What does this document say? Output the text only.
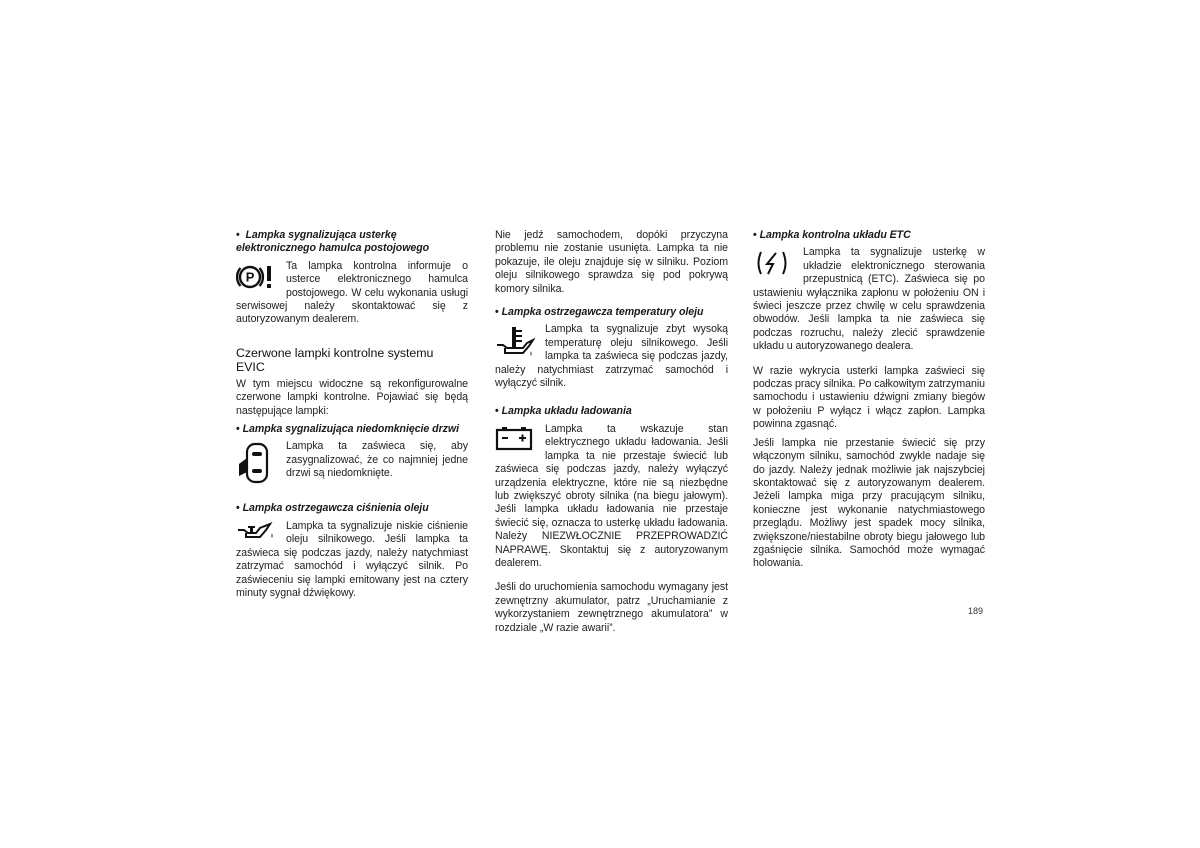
• Lampka sygnalizująca usterkę
elektronicznego hamulca postojowego
P
Ta lampka kontrolna informuje o usterce elektronicznego hamulca postojowego. W celu wykonania usługi serwisowej należy skontaktować się z autoryzowanym dealerem.
Czerwone lampki kontrolne systemu
EVIC
W tym miejscu widoczne są rekonfigurowalne czerwone lampki kontrolne. Pojawiać się będą następujące lampki:
• Lampka sygnalizująca niedomknięcie drzwi
Lampka ta zaświeca się, aby zasygnalizować, że co najmniej jedne drzwi są niedomknięte.
• Lampka ostrzegawcza ciśnienia oleju
Lampka ta sygnalizuje niskie ciśnienie oleju silnikowego. Jeśli lampka ta zaświeca się podczas jazdy, należy natychmiast zatrzymać samochód i wyłączyć silnik. Po zaświeceniu się lampki emitowany jest na cztery minuty sygnał dźwiękowy.
Nie jedź samochodem, dopóki przyczyna problemu nie zostanie usunięta. Lampka ta nie pokazuje, ile oleju znajduje się w silniku. Poziom oleju silnikowego sprawdza się pod pokrywą komory silnika.
• Lampka ostrzegawcza temperatury oleju
Lampka ta sygnalizuje zbyt wysoką temperaturę oleju silnikowego. Jeśli lampka ta zaświeca się podczas jazdy, należy natychmiast zatrzymać samochód i wyłączyć silnik.
• Lampka układu ładowania
Lampka ta wskazuje stan elektrycznego układu ładowania. Jeśli lampka ta nie przestaje świecić lub zaświeca się podczas jazdy, należy wyłączyć urządzenia elektryczne, które nie są niezbędne lub zwiększyć obroty silnika (na biegu jałowym). Jeśli lampka układu ładowania nie przestaje świecić się, oznacza to usterkę układu ładowania. Należy NIEZWŁOCZNIE PRZEPROWADZIĆ NAPRAWĘ. Skontaktuj się z autoryzowanym dealerem.
Jeśli do uruchomienia samochodu wymagany jest zewnętrzny akumulator, patrz „Uruchamianie z wykorzystaniem zewnętrznego akumulatora” w rozdziale „W razie awarii”.
• Lampka kontrolna układu ETC
Lampka ta sygnalizuje usterkę w układzie elektronicznego sterowania przepustnicą (ETC). Zaświeca się po ustawieniu wyłącznika zapłonu w położeniu ON i świeci jeszcze przez chwilę w celu sprawdzenia obwodów. Jeśli lampka ta nie zaświeca się podczas rozruchu, należy zlecić sprawdzenie układu u autoryzowanego dealera.
W razie wykrycia usterki lampka zaświeci się podczas pracy silnika. Po całkowitym zatrzymaniu samochodu i ustawieniu dźwigni zmiany biegów w położeniu P wyłącz i włącz zapłon. Lampka powinna zgasnąć.
Jeśli lampka nie przestanie świecić się przy włączonym silniku, samochód zwykle nadaje się do jazdy. Należy jednak możliwie jak najszybciej skontaktować się z autoryzowanym dealerem. Jeżeli lampka miga przy pracującym silniku, konieczne jest wykonanie natychmiastowego przeglądu. Możliwy jest spadek mocy silnika, zwiększone/niestabilne obroty biegu jałowego lub zgaśnięcie silnika. Samochód może wymagać holowania.
189
